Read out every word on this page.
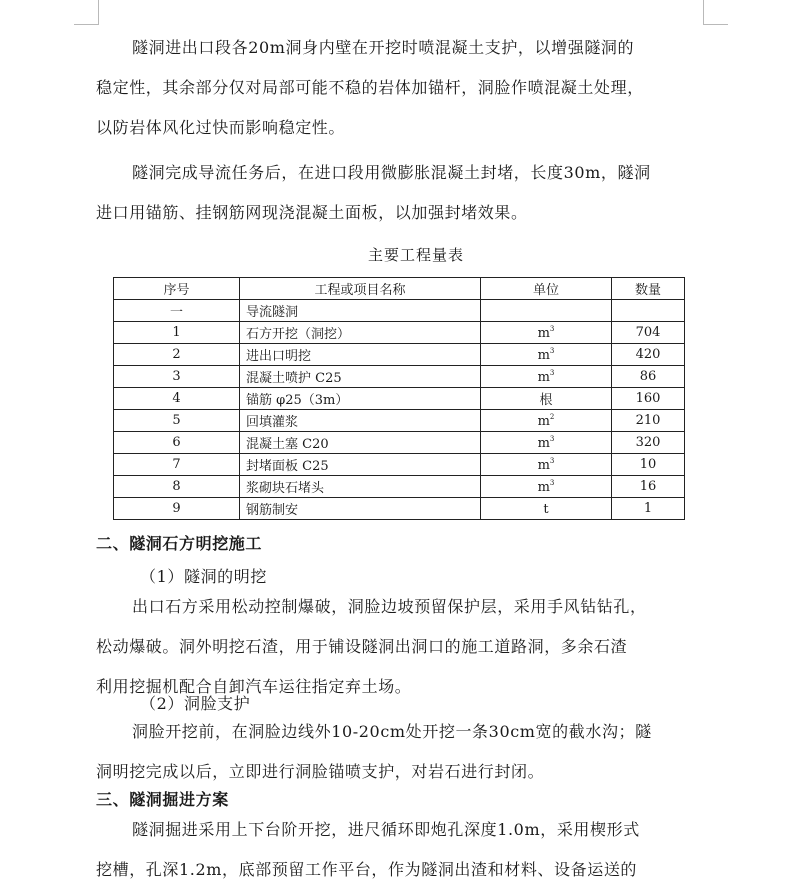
隧洞进出口段各20m洞身内壁在开挖时喷混凝土支护，以增强隧洞的
稳定性，其余部分仅对局部可能不稳的岩体加锚杆，洞脸作喷混凝土处理，
以防岩体风化过快而影响稳定性。
隧洞完成导流任务后，在进口段用微膨胀混凝土封堵，长度30m，隧洞
进口用锚筋、挂钢筋网现浇混凝土面板，以加强封堵效果。
主要工程量表
序号	工程或项目名称	单位	数量
一	导流隧洞		
1	石方开挖（洞挖）	$m^3$	704
2	进出口明挖	$m^3$	420
3	混凝土喷护 C25	$m^3$	86
4	锚筋 φ25（3m）	根	160
5	回填灌浆	$m^2$	210
6	混凝土塞 C20	$m^3$	320
7	封堵面板 C25	$m^3$	10
8	浆砌块石堵头	$m^3$	16
9	钢筋制安	t	1
二、隧洞石方明挖施工
（1）隧洞的明挖
出口石方采用松动控制爆破，洞脸边坡预留保护层，采用手风钻钻孔，
松动爆破。洞外明挖石渣，用于铺设隧洞出洞口的施工道路洞，多余石渣
利用挖掘机配合自卸汽车运往指定弃土场。
（2）洞脸支护
洞脸开挖前，在洞脸边线外10-20cm处开挖一条30cm宽的截水沟；隧
洞明挖完成以后，立即进行洞脸锚喷支护，对岩石进行封闭。
三、隧洞掘进方案
隧洞掘进采用上下台阶开挖，进尺循环即炮孔深度1.0m，采用楔形式
挖槽，孔深1.2m，底部预留工作平台，作为隧洞出渣和材料、设备运送的
